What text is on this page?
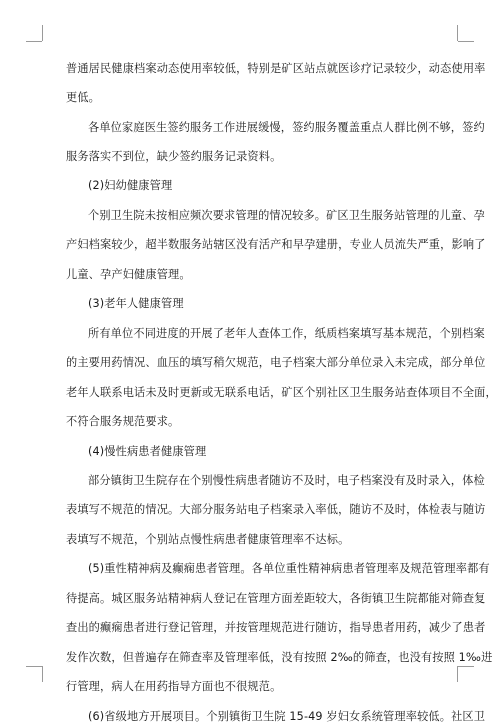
普通居民健康档案动态使用率较低，特别是矿区站点就医诊疗记录较少，动态使用率
更低。
各单位家庭医生签约服务工作进展缓慢，签约服务覆盖重点人群比例不够，签约
服务落实不到位，缺少签约服务记录资料。
(2)妇幼健康管理
个别卫生院未按相应频次要求管理的情况较多。矿区卫生服务站管理的儿童、孕
产妇档案较少，超半数服务站辖区没有活产和早孕建册，专业人员流失严重，影响了
儿童、孕产妇健康管理。
(3)老年人健康管理
所有单位不同进度的开展了老年人查体工作，纸质档案填写基本规范，个别档案
的主要用药情况、血压的填写稍欠规范，电子档案大部分单位录入未完成，部分单位
老年人联系电话未及时更新或无联系电话，矿区个别社区卫生服务站查体项目不全面，
不符合服务规范要求。
(4)慢性病患者健康管理
部分镇街卫生院存在个别慢性病患者随访不及时，电子档案没有及时录入，体检
表填写不规范的情况。大部分服务站电子档案录入率低，随访不及时，体检表与随访
表填写不规范，个别站点慢性病患者健康管理率不达标。
(5)重性精神病及癫痫患者管理。各单位重性精神病患者管理率及规范管理率都有
待提高。城区服务站精神病人登记在管理方面差距较大，各街镇卫生院都能对筛查复
查出的癫痫患者进行登记管理，并按管理规范进行随访，指导患者用药，减少了患者
发作次数，但普遍存在筛查率及管理率低，没有按照 2‰的筛查，也没有按照 1‰进
行管理，病人在用药指导方面也不很规范。
(6)省级地方开展项目。个别镇街卫生院 15-49 岁妇女系统管理率较低。社区卫
